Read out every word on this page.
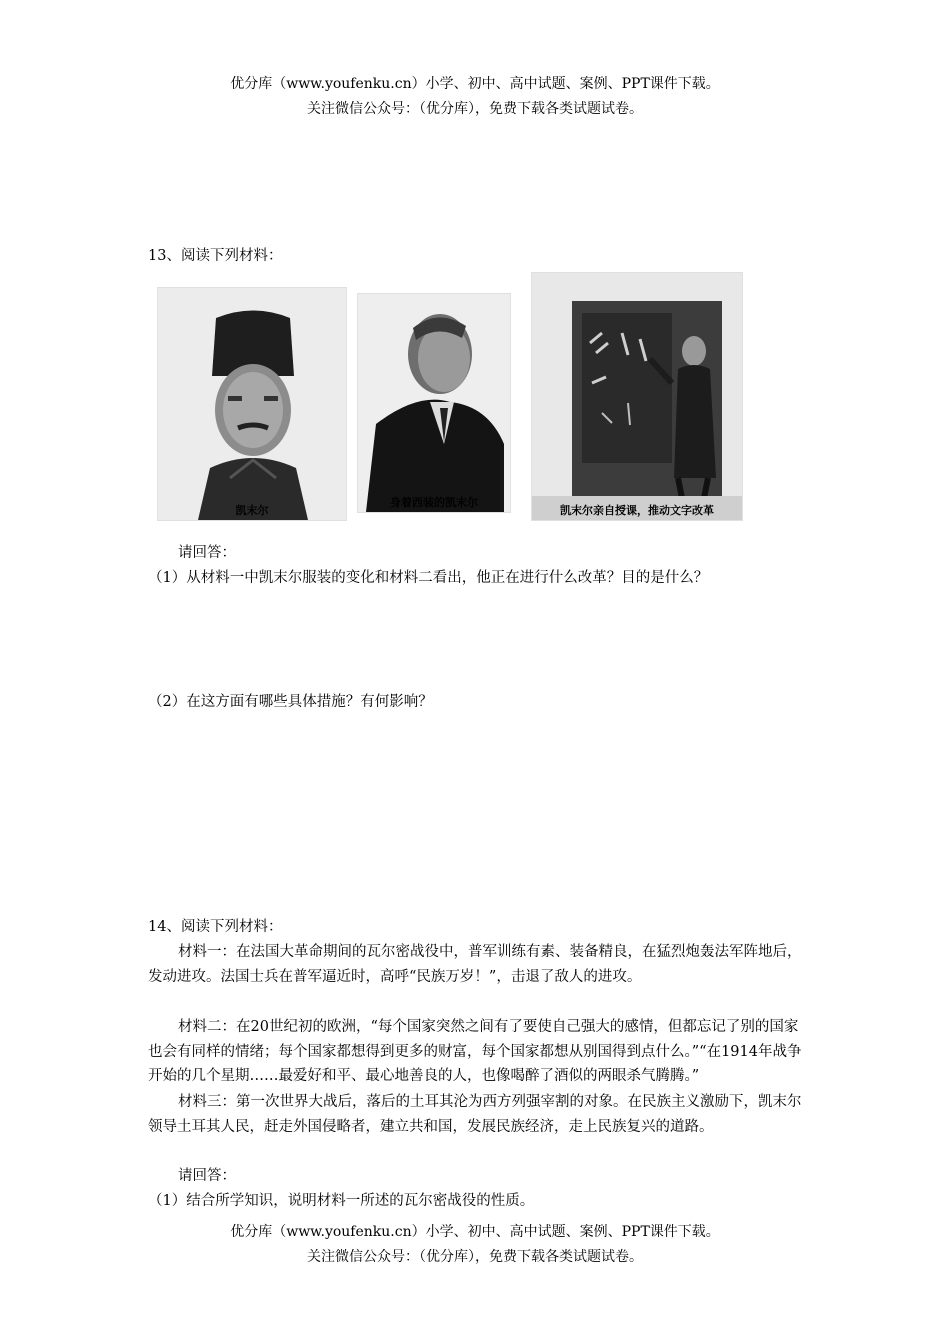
优分库（www.youfenku.cn）小学、初中、高中试题、案例、PPT课件下载。
关注微信公众号：（优分库），免费下载各类试题试卷。
13、阅读下列材料：
凯末尔
身着西装的凯末尔
凯末尔亲自授课，推动文字改革
请回答：
（1）从材料一中凯末尔服装的变化和材料二看出，他正在进行什么改革？目的是什么？
（2）在这方面有哪些具体措施？有何影响？
14、阅读下列材料：
材料一：在法国大革命期间的瓦尔密战役中，普军训练有素、装备精良，在猛烈炮轰法军阵地后，发动进攻。法国士兵在普军逼近时，高呼“民族万岁！”，击退了敌人的进攻。
材料二：在20世纪初的欧洲，“每个国家突然之间有了要使自己强大的感情，但都忘记了别的国家也会有同样的情绪；每个国家都想得到更多的财富，每个国家都想从别国得到点什么。”“在1914年战争开始的几个星期……最爱好和平、最心地善良的人，也像喝醉了酒似的两眼杀气腾腾。”
材料三：第一次世界大战后，落后的土耳其沦为西方列强宰割的对象。在民族主义激励下，凯末尔领导土耳其人民，赶走外国侵略者，建立共和国，发展民族经济，走上民族复兴的道路。
请回答：
（1）结合所学知识，说明材料一所述的瓦尔密战役的性质。
优分库（www.youfenku.cn）小学、初中、高中试题、案例、PPT课件下载。
关注微信公众号：（优分库），免费下载各类试题试卷。
